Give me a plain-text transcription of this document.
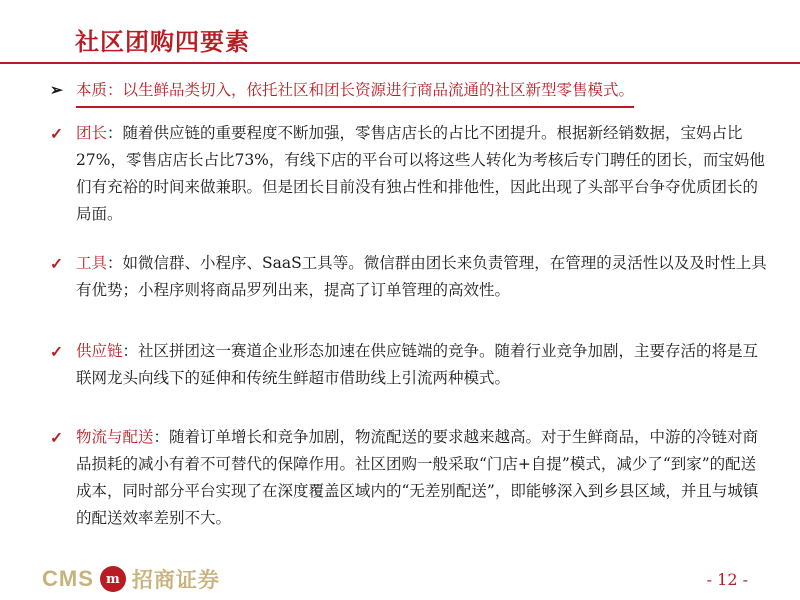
社区团购四要素
➢ 本质：以生鲜品类切入，依托社区和团长资源进行商品流通的社区新型零售模式。
✓ 团长：随着供应链的重要程度不断加强，零售店店长的占比不团提升。根据新经销数据，宝妈占比27%，零售店店长占比73%，有线下店的平台可以将这些人转化为考核后专门聘任的团长，而宝妈他们有充裕的时间来做兼职。但是团长目前没有独占性和排他性，因此出现了头部平台争夺优质团长的局面。
✓ 工具：如微信群、小程序、SaaS工具等。微信群由团长来负责管理，在管理的灵活性以及及时性上具有优势；小程序则将商品罗列出来，提高了订单管理的高效性。
✓ 供应链：社区拼团这一赛道企业形态加速在供应链端的竞争。随着行业竞争加剧，主要存活的将是互联网龙头向线下的延伸和传统生鲜超市借助线上引流两种模式。
✓ 物流与配送：随着订单增长和竞争加剧，物流配送的要求越来越高。对于生鲜商品，中游的冷链对商品损耗的减小有着不可替代的保障作用。社区团购一般采取“门店+自提”模式，减少了“到家”的配送成本，同时部分平台实现了在深度覆盖区域内的“无差别配送”，即能够深入到乡县区域，并且与城镇的配送效率差别不大。
CMS m 招商证券	- 12 -
